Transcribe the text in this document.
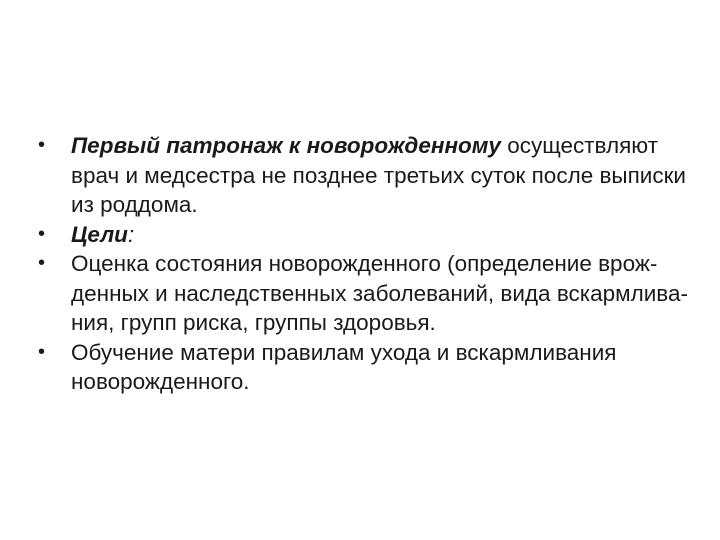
•	Первый патронаж к новорожденному осуществляют врач и медсестра не позднее третьих суток после выписки из роддома.
•	Цели:
•	Оценка состояния новорожденного (определение врож-денных и наследственных заболеваний, вида вскармлива-ния, групп риска, группы здоровья.
•	Обучение матери правилам ухода и вскармливания новорожденного.
